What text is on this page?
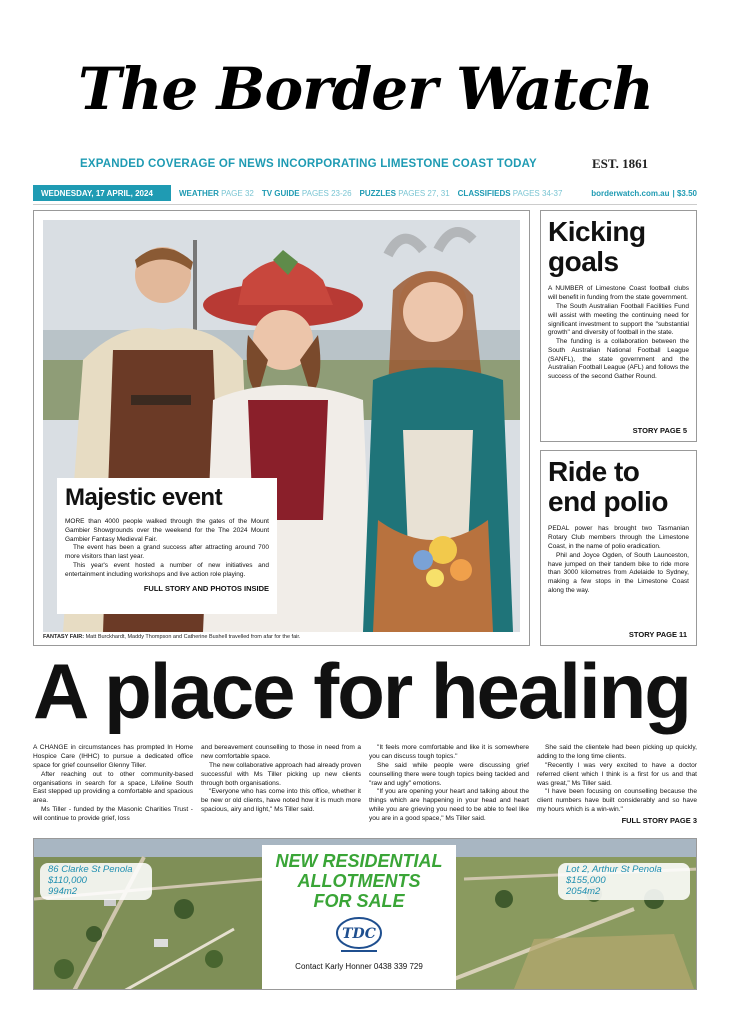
The Border Watch
EXPANDED COVERAGE OF NEWS INCORPORATING LIMESTONE COAST TODAY	EST. 1861
WEDNESDAY, 17 APRIL, 2024	WEATHER PAGE 32 TV GUIDE PAGES 23-26 PUZZLES PAGES 27, 31 CLASSIFIEDS PAGES 34-37	borderwatch.com.au | $3.50
FANTASY FAIR: Matt Burckhardt, Maddy Thompson and Catherine Bushell travelled from afar for the fair.
Majestic event

MORE than 4000 people walked through the gates of the Mount Gambier Showgrounds over the weekend for the The 2024 Mount Gambier Fantasy Medieval Fair.

The event has been a grand success after attracting around 700 more visitors than last year.

This year's event hosted a number of new initiatives and entertainment including workshops and live action role playing.

FULL STORY AND PHOTOS INSIDE
Kicking goals

A NUMBER of Limestone Coast football clubs will benefit in funding from the state government.

The South Australian Football Facilities Fund will assist with meeting the continuing need for significant investment to support the "substantial growth" and diversity of football in the state.

The funding is a collaboration between the South Australian National Football League (SANFL), the state government and the Australian Football League (AFL) and follows the success of the second Gather Round.

STORY PAGE 5
Ride to end polio

PEDAL power has brought two Tasmanian Rotary Club members through the Limestone Coast, in the name of polio eradication.

Phil and Joyce Ogden, of South Launceston, have jumped on their tandem bike to ride more than 3000 kilometres from Adelaide to Sydney, making a few stops in the Limestone Coast along the way.

STORY PAGE 11
A place for healing

A CHANGE in circumstances has prompted In Home Hospice Care (IHHC) to pursue a dedicated office space for grief counsellor Glenny Tiller.

After reaching out to other community-based organisations in search for a space, Lifeline South East stepped up providing a comfortable and spacious area.

Ms Tiller - funded by the Masonic Charities Trust - will continue to provide grief, loss

and bereavement counselling to those in need from a new comfortable space.

The new collaborative approach had already proven successful with Ms Tiller picking up new clients through both organisations.

"Everyone who has come into this office, whether it be new or old clients, have noted how it is much more spacious, airy and light," Ms Tiller said.

"It feels more comfortable and like it is somewhere you can discuss tough topics."

She said while people were discussing grief counselling there were tough topics being tackled and "raw and ugly" emotions.

"If you are opening your heart and talking about the things which are happening in your head and heart while you are grieving you need to be able to feel like you are in a good space," Ms Tiller said.

She said the clientele had been picking up quickly, adding to the long time clients.

"Recently I was very excited to have a doctor referred client which I think is a first for us and that was great," Ms Tiller said.

"I have been focusing on counselling because the client numbers have built considerably and so have my hours which is a win-win."

FULL STORY PAGE 3
86 Clarke St Penola
$110,000
994m2
Lot 2, Arthur St Penola
$155,000
2054m2
NEW RESIDENTIAL
ALLOTMENTS
FOR SALE
TDC
Contact Karly Honner 0438 339 729
